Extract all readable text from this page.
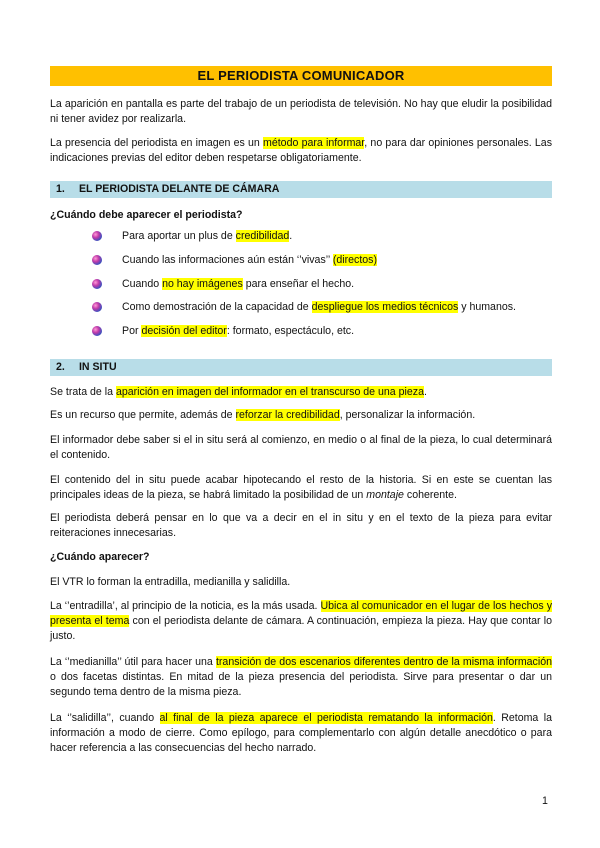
EL PERIODISTA COMUNICADOR

La aparición en pantalla es parte del trabajo de un periodista de televisión. No hay que eludir la posibilidad ni tener avidez por realizarla.

La presencia del periodista en imagen es un método para informar, no para dar opiniones personales. Las indicaciones previas del editor deben respetarse obligatoriamente.

1. EL PERIODISTA DELANTE DE CÁMARA

¿Cuándo debe aparecer el periodista?

Para aportar un plus de credibilidad.
Cuando las informaciones aún están ‘’vivas’’ (directos)
Cuando no hay imágenes para enseñar el hecho.
Como demostración de la capacidad de despliegue los medios técnicos y humanos.
Por decisión del editor: formato, espectáculo, etc.
2. IN SITU

Se trata de la aparición en imagen del informador en el transcurso de una pieza.

Es un recurso que permite, además de reforzar la credibilidad, personalizar la información.

El informador debe saber si el in situ será al comienzo, en medio o al final de la pieza, lo cual determinará el contenido.

El contenido del in situ puede acabar hipotecando el resto de la historia. Si en este se cuentan las principales ideas de la pieza, se habrá limitado la posibilidad de un montaje coherente.

El periodista deberá pensar en lo que va a decir en el in situ y en el texto de la pieza para evitar reiteraciones innecesarias.

¿Cuándo aparecer?

El VTR lo forman la entradilla, medianilla y salidilla.

La ‘’entradilla’, al principio de la noticia, es la más usada. Ubica al comunicador en el lugar de los hechos y presenta el tema con el periodista delante de cámara. A continuación, empieza la pieza. Hay que contar lo justo.

La ‘’medianilla’’ útil para hacer una transición de dos escenarios diferentes dentro de la misma información o dos facetas distintas. En mitad de la pieza presencia del periodista. Sirve para presentar o dar un segundo tema dentro de la misma pieza.

La ‘’salidilla’’, cuando al final de la pieza aparece el periodista rematando la información. Retoma la información a modo de cierre. Como epílogo, para complementarlo con algún detalle anecdótico o para hacer referencia a las consecuencias del hecho narrado.

1
